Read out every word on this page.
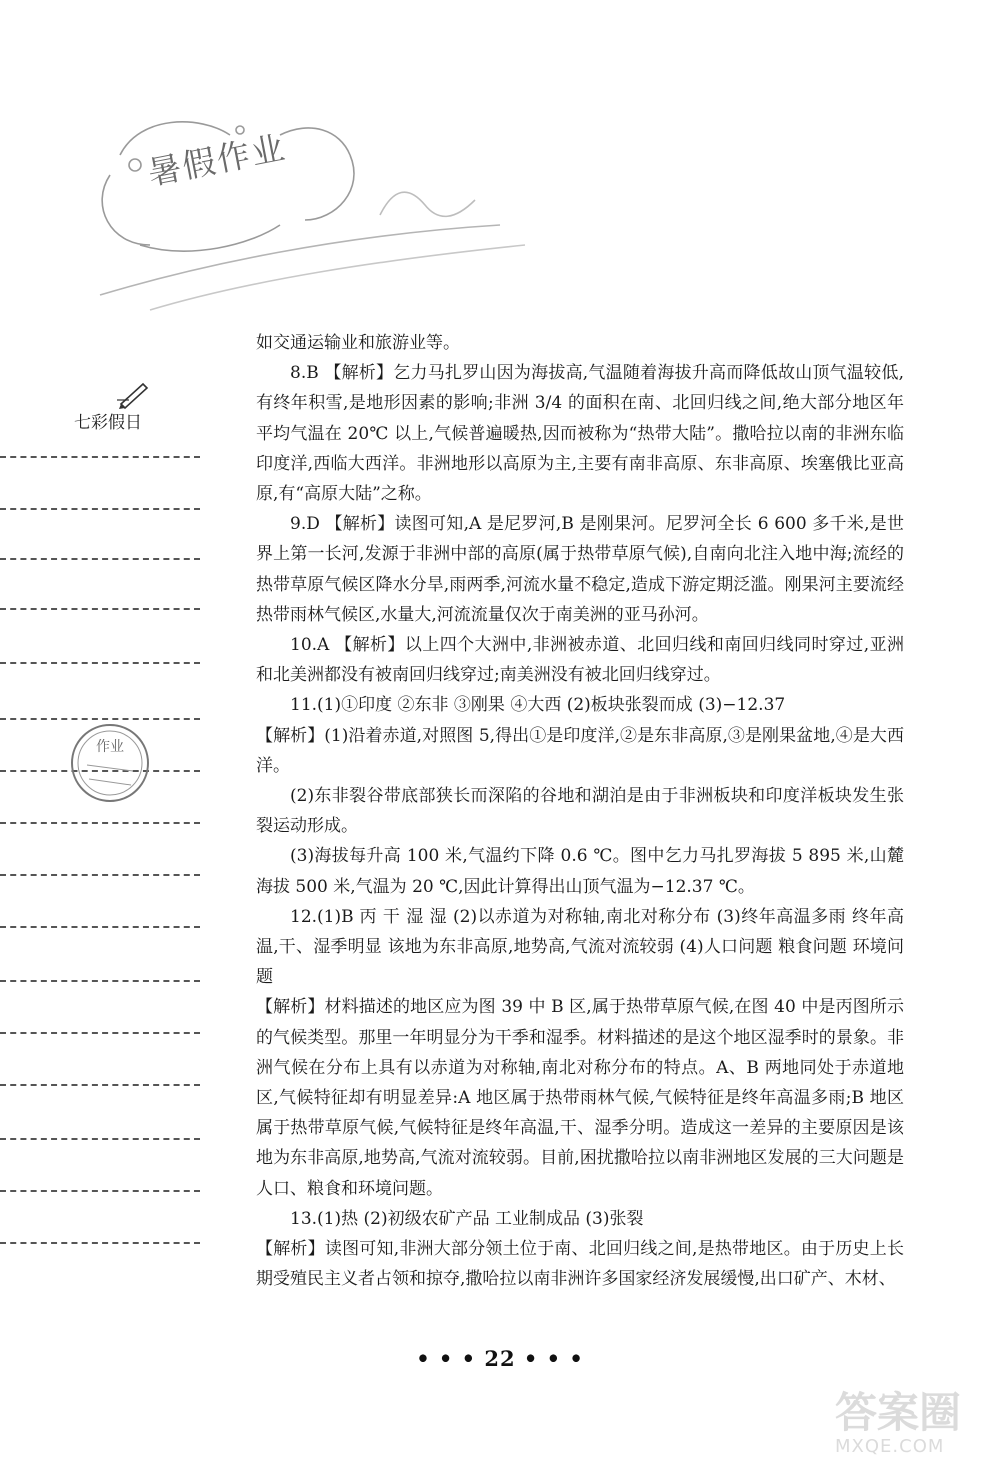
暑假作业
七彩假日
作业

如交通运输业和旅游业等。

8.B 【解析】乞力马扎罗山因为海拔高,气温随着海拔升高而降低故山顶气温较低,有终年积雪,是地形因素的影响;非洲 3/4 的面积在南、北回归线之间,绝大部分地区年平均气温在 20℃ 以上,气候普遍暖热,因而被称为“热带大陆”。撒哈拉以南的非洲东临印度洋,西临大西洋。非洲地形以高原为主,主要有南非高原、东非高原、埃塞俄比亚高原,有“高原大陆”之称。

9.D 【解析】读图可知,A 是尼罗河,B 是刚果河。尼罗河全长 6 600 多千米,是世界上第一长河,发源于非洲中部的高原(属于热带草原气候),自南向北注入地中海;流经的热带草原气候区降水分旱,雨两季,河流水量不稳定,造成下游定期泛滥。刚果河主要流经热带雨林气候区,水量大,河流流量仅次于南美洲的亚马孙河。

10.A 【解析】以上四个大洲中,非洲被赤道、北回归线和南回归线同时穿过,亚洲和北美洲都没有被南回归线穿过;南美洲没有被北回归线穿过。

11.(1)①印度 ②东非 ③刚果 ④大西 (2)板块张裂而成 (3)−12.37

【解析】(1)沿着赤道,对照图 5,得出①是印度洋,②是东非高原,③是刚果盆地,④是大西洋。

(2)东非裂谷带底部狭长而深陷的谷地和湖泊是由于非洲板块和印度洋板块发生张裂运动形成。

(3)海拔每升高 100 米,气温约下降 0.6 ℃。图中乞力马扎罗海拔 5 895 米,山麓海拔 500 米,气温为 20 ℃,因此计算得出山顶气温为−12.37 ℃。

12.(1)B 丙 干 湿 湿 (2)以赤道为对称轴,南北对称分布 (3)终年高温多雨 终年高温,干、湿季明显 该地为东非高原,地势高,气流对流较弱 (4)人口问题 粮食问题 环境问题

【解析】材料描述的地区应为图 39 中 B 区,属于热带草原气候,在图 40 中是丙图所示的气候类型。那里一年明显分为干季和湿季。材料描述的是这个地区湿季时的景象。非洲气候在分布上具有以赤道为对称轴,南北对称分布的特点。A、B 两地同处于赤道地区,气候特征却有明显差异:A 地区属于热带雨林气候,气候特征是终年高温多雨;B 地区属于热带草原气候,气候特征是终年高温,干、湿季分明。造成这一差异的主要原因是该地为东非高原,地势高,气流对流较弱。目前,困扰撒哈拉以南非洲地区发展的三大问题是人口、粮食和环境问题。

13.(1)热 (2)初级农矿产品 工业制成品 (3)张裂

【解析】读图可知,非洲大部分领土位于南、北回归线之间,是热带地区。由于历史上长期受殖民主义者占领和掠夺,撒哈拉以南非洲许多国家经济发展缓慢,出口矿产、木材、

• • • 22 • • •
答案圈
MXQE.COM
